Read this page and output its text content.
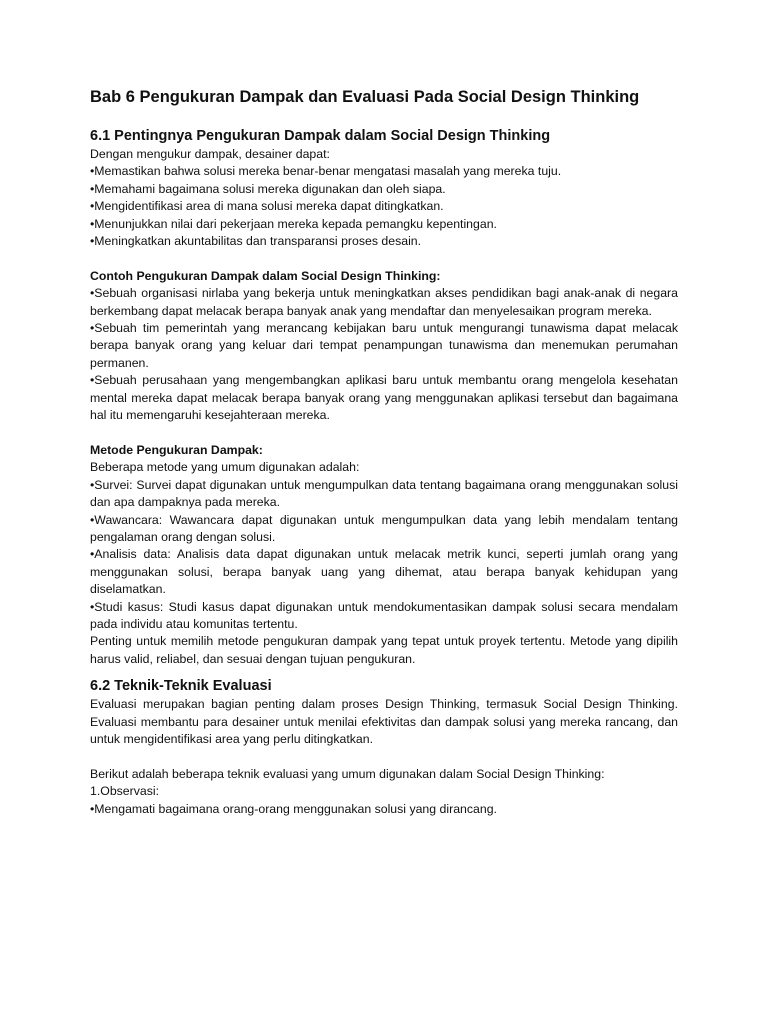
Bab 6 Pengukuran Dampak dan Evaluasi Pada Social Design Thinking
6.1 Pentingnya Pengukuran Dampak dalam Social Design Thinking

Dengan mengukur dampak, desainer dapat:

•Memastikan bahwa solusi mereka benar-benar mengatasi masalah yang mereka tuju.

•Memahami bagaimana solusi mereka digunakan dan oleh siapa.

•Mengidentifikasi area di mana solusi mereka dapat ditingkatkan.

•Menunjukkan nilai dari pekerjaan mereka kepada pemangku kepentingan.

•Meningkatkan akuntabilitas dan transparansi proses desain.

Contoh Pengukuran Dampak dalam Social Design Thinking:

•Sebuah organisasi nirlaba yang bekerja untuk meningkatkan akses pendidikan bagi anak-anak di negara berkembang dapat melacak berapa banyak anak yang mendaftar dan menyelesaikan program mereka.

•Sebuah tim pemerintah yang merancang kebijakan baru untuk mengurangi tunawisma dapat melacak berapa banyak orang yang keluar dari tempat penampungan tunawisma dan menemukan perumahan permanen.

•Sebuah perusahaan yang mengembangkan aplikasi baru untuk membantu orang mengelola kesehatan mental mereka dapat melacak berapa banyak orang yang menggunakan aplikasi tersebut dan bagaimana hal itu memengaruhi kesejahteraan mereka.

Metode Pengukuran Dampak:

Beberapa metode yang umum digunakan adalah:

•Survei: Survei dapat digunakan untuk mengumpulkan data tentang bagaimana orang menggunakan solusi dan apa dampaknya pada mereka.

•Wawancara: Wawancara dapat digunakan untuk mengumpulkan data yang lebih mendalam tentang pengalaman orang dengan solusi.

•Analisis data: Analisis data dapat digunakan untuk melacak metrik kunci, seperti jumlah orang yang menggunakan solusi, berapa banyak uang yang dihemat, atau berapa banyak kehidupan yang diselamatkan.

•Studi kasus: Studi kasus dapat digunakan untuk mendokumentasikan dampak solusi secara mendalam pada individu atau komunitas tertentu.

Penting untuk memilih metode pengukuran dampak yang tepat untuk proyek tertentu. Metode yang dipilih harus valid, reliabel, dan sesuai dengan tujuan pengukuran.

6.2 Teknik-Teknik Evaluasi

Evaluasi merupakan bagian penting dalam proses Design Thinking, termasuk Social Design Thinking. Evaluasi membantu para desainer untuk menilai efektivitas dan dampak solusi yang mereka rancang, dan untuk mengidentifikasi area yang perlu ditingkatkan.

Berikut adalah beberapa teknik evaluasi yang umum digunakan dalam Social Design Thinking:

1.Observasi:

•Mengamati bagaimana orang-orang menggunakan solusi yang dirancang.
